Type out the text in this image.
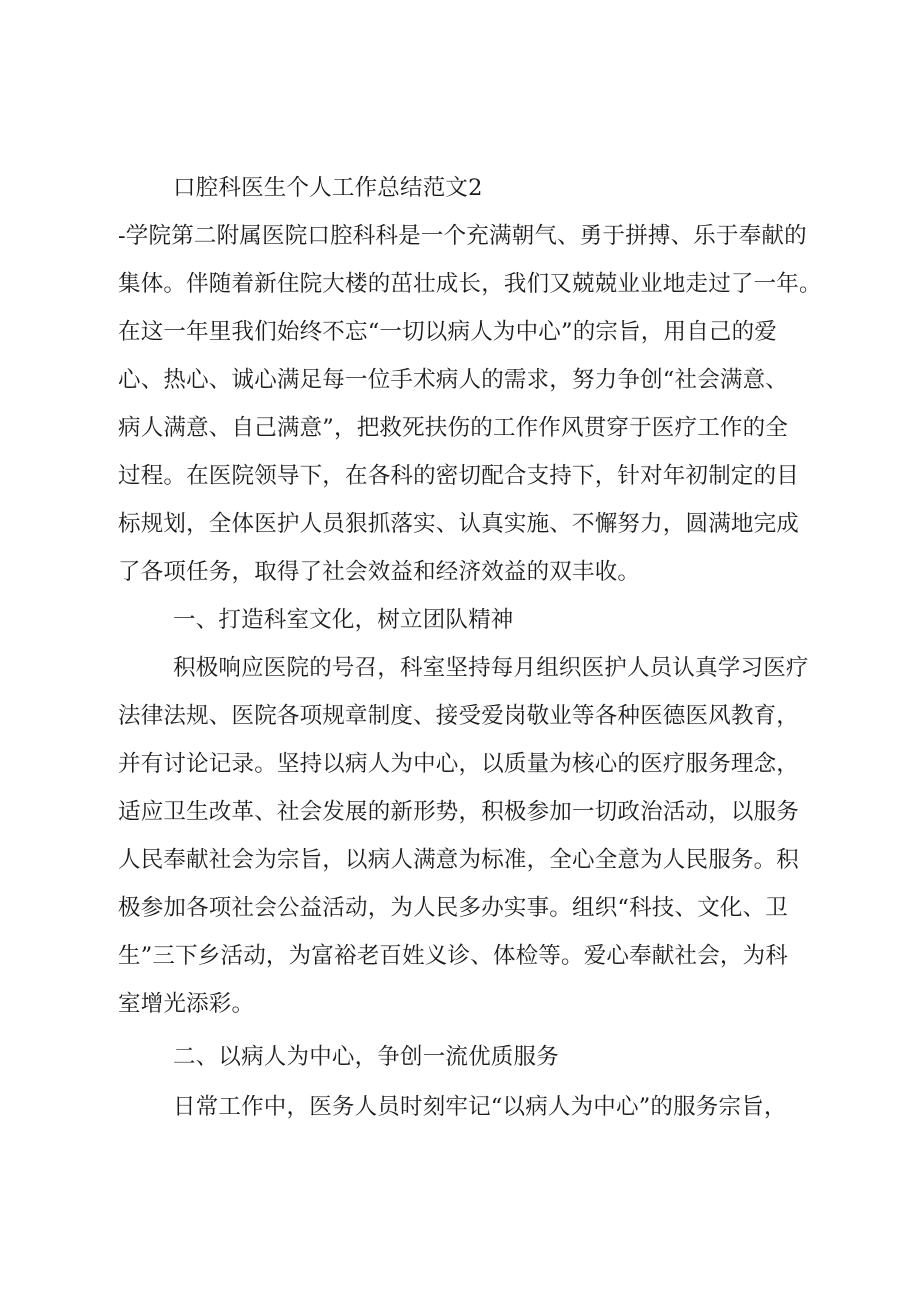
口腔科医生个人工作总结范文2
-学院第二附属医院口腔科科是一个充满朝气、勇于拼搏、乐于奉献的
集体。伴随着新住院大楼的茁壮成长，我们又兢兢业业地走过了一年。
在这一年里我们始终不忘“一切以病人为中心”的宗旨，用自己的爱
心、热心、诚心满足每一位手术病人的需求，努力争创“社会满意、
病人满意、自己满意”，把救死扶伤的工作作风贯穿于医疗工作的全
过程。在医院领导下，在各科的密切配合支持下，针对年初制定的目
标规划，全体医护人员狠抓落实、认真实施、不懈努力，圆满地完成
了各项任务，取得了社会效益和经济效益的双丰收。
一、打造科室文化，树立团队精神
积极响应医院的号召，科室坚持每月组织医护人员认真学习医疗
法律法规、医院各项规章制度、接受爱岗敬业等各种医德医风教育，
并有讨论记录。坚持以病人为中心，以质量为核心的医疗服务理念，
适应卫生改革、社会发展的新形势，积极参加一切政治活动，以服务
人民奉献社会为宗旨，以病人满意为标准，全心全意为人民服务。积
极参加各项社会公益活动，为人民多办实事。组织“科技、文化、卫
生”三下乡活动，为富裕老百姓义诊、体检等。爱心奉献社会，为科
室增光添彩。
二、以病人为中心，争创一流优质服务
日常工作中，医务人员时刻牢记“以病人为中心”的服务宗旨，
